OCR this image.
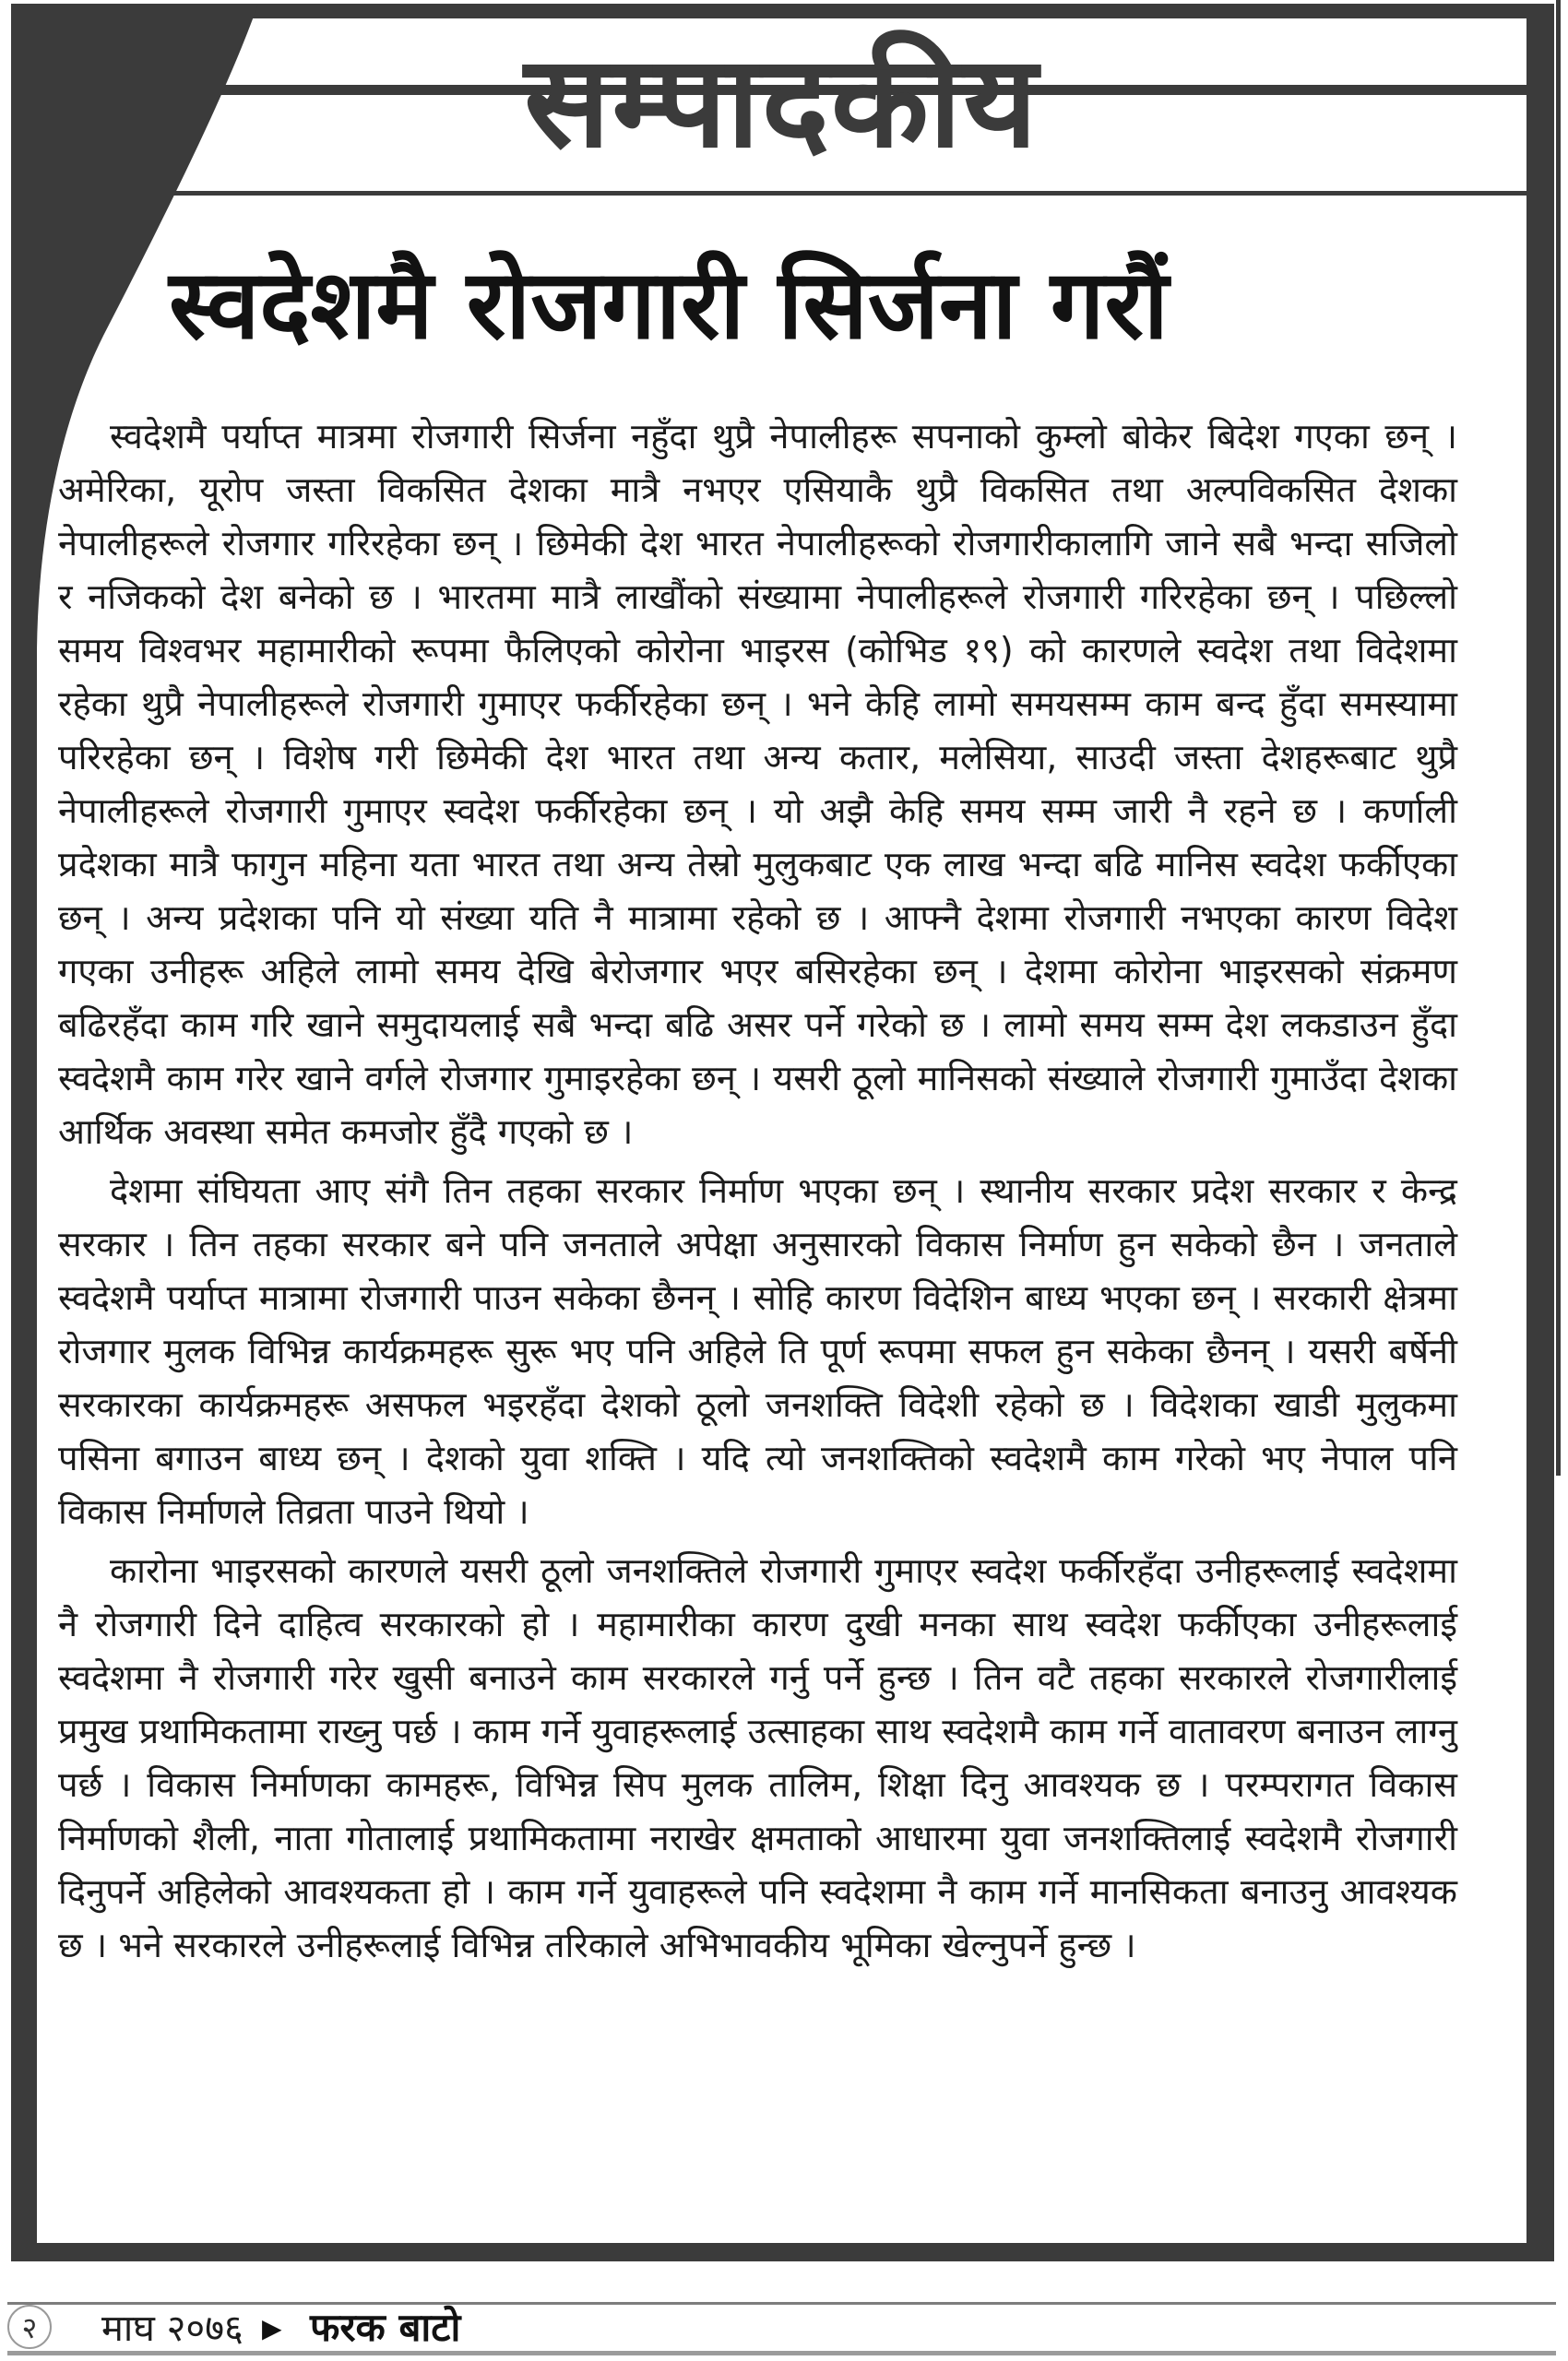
सम्पादकीय
स्वदेशमै रोजगारी सिर्जना गरौं

स्वदेशमै पर्याप्त मात्रमा रोजगारी सिर्जना नहुँदा थुप्रै नेपालीहरू सपनाको कुम्लो बोकेर बिदेश गएका छन् । अमेरिका, यूरोप जस्ता विकसित देशका मात्रै नभएर एसियाकै थुप्रै विकसित तथा अल्पविकसित देशका नेपालीहरूले रोजगार गरिरहेका छन् । छिमेकी देश भारत नेपालीहरूको रोजगारीकालागि जाने सबै भन्दा सजिलो र नजिकको देश बनेको छ । भारतमा मात्रै लाखौंको संख्यामा नेपालीहरूले रोजगारी गरिरहेका छन् । पछिल्लो समय विश्वभर महामारीको रूपमा फैलिएको कोरोना भाइरस (कोभिड १९) को कारणले स्वदेश तथा विदेशमा रहेका थुप्रै नेपालीहरूले रोजगारी गुमाएर फर्कीरहेका छन् । भने केहि लामो समयसम्म काम बन्द हुँदा समस्यामा परिरहेका छन् । विशेष गरी छिमेकी देश भारत तथा अन्य कतार, मलेसिया, साउदी जस्ता देशहरूबाट थुप्रै नेपालीहरूले रोजगारी गुमाएर स्वदेश फर्कीरहेका छन् । यो अझै केहि समय सम्म जारी नै रहने छ । कर्णाली प्रदेशका मात्रै फागुन महिना यता भारत तथा अन्य तेस्रो मुलुकबाट एक लाख भन्दा बढि मानिस स्वदेश फर्कीएका छन् । अन्य प्रदेशका पनि यो संख्या यति नै मात्रामा रहेको छ । आफ्नै देशमा रोजगारी नभएका कारण विदेश गएका उनीहरू अहिले लामो समय देखि बेरोजगार भएर बसिरहेका छन् । देशमा कोरोना भाइरसको संक्रमण बढिरहँदा काम गरि खाने समुदायलाई सबै भन्दा बढि असर पर्ने गरेको छ । लामो समय सम्म देश लकडाउन हुँदा स्वदेशमै काम गरेर खाने वर्गले रोजगार गुमाइरहेका छन् । यसरी ठूलो मानिसको संख्याले रोजगारी गुमाउँदा देशका आर्थिक अवस्था समेत कमजोर हुँदै गएको छ ।

देशमा संघियता आए संगै तिन तहका सरकार निर्माण भएका छन् । स्थानीय सरकार प्रदेश सरकार र केन्द्र सरकार । तिन तहका सरकार बने पनि जनताले अपेक्षा अनुसारको विकास निर्माण हुन सकेको छैन । जनताले स्वदेशमै पर्याप्त मात्रामा रोजगारी पाउन सकेका छैनन् । सोहि कारण विदेशिन बाध्य भएका छन् । सरकारी क्षेत्रमा रोजगार मुलक विभिन्न कार्यक्रमहरू सुरू भए पनि अहिले ति पूर्ण रूपमा सफल हुन सकेका छैनन् । यसरी बर्षेनी सरकारका कार्यक्रमहरू असफल भइरहँदा देशको ठूलो जनशक्ति विदेशी रहेको छ । विदेशका खाडी मुलुकमा पसिना बगाउन बाध्य छन् । देशको युवा शक्ति । यदि त्यो जनशक्तिको स्वदेशमै काम गरेको भए नेपाल पनि विकास निर्माणले तिव्रता पाउने थियो ।

कारोना भाइरसको कारणले यसरी ठूलो जनशक्तिले रोजगारी गुमाएर स्वदेश फर्कीरहँदा उनीहरूलाई स्वदेशमा नै रोजगारी दिने दाहित्व सरकारको हो । महामारीका कारण दुखी मनका साथ स्वदेश फर्कीएका उनीहरूलाई स्वदेशमा नै रोजगारी गरेर खुसी बनाउने काम सरकारले गर्नु पर्ने हुन्छ । तिन वटै तहका सरकारले रोजगारीलाई प्रमुख प्रथामिकतामा राख्नु पर्छ । काम गर्ने युवाहरूलाई उत्साहका साथ स्वदेशमै काम गर्ने वातावरण बनाउन लाग्नु पर्छ । विकास निर्माणका कामहरू, विभिन्न सिप मुलक तालिम, शिक्षा दिनु आवश्यक छ । परम्परागत विकास निर्माणको शैली, नाता गोतालाई प्रथामिकतामा नराखेर क्षमताको आधारमा युवा जनशक्तिलाई स्वदेशमै रोजगारी दिनुपर्ने अहिलेको आवश्यकता हो । काम गर्ने युवाहरूले पनि स्वदेशमा नै काम गर्ने मानसिकता बनाउनु आवश्यक छ । भने सरकारले उनीहरूलाई विभिन्न तरिकाले अभिभावकीय भूमिका खेल्नुपर्ने हुन्छ ।

२ माघ २०७६ ▶ फरक बाटो
